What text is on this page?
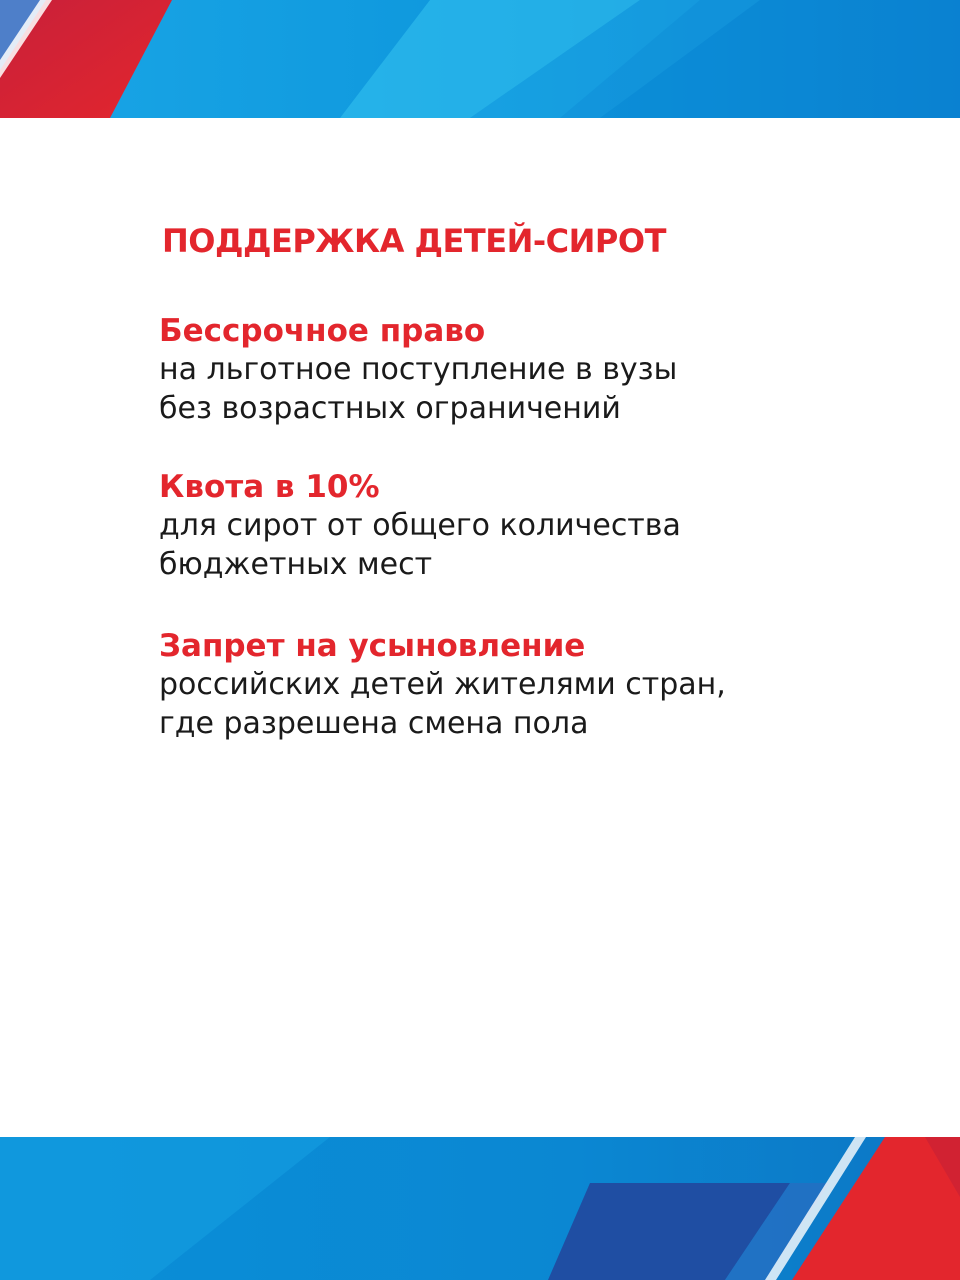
ПОДДЕРЖКА ДЕТЕЙ-СИРОТ
Бессрочное право
на льготное поступление в вузы
без возрастных ограничений
Квота в 10%
для сирот от общего количества
бюджетных мест
Запрет на усыновление
российских детей жителями стран,
где разрешена смена пола
